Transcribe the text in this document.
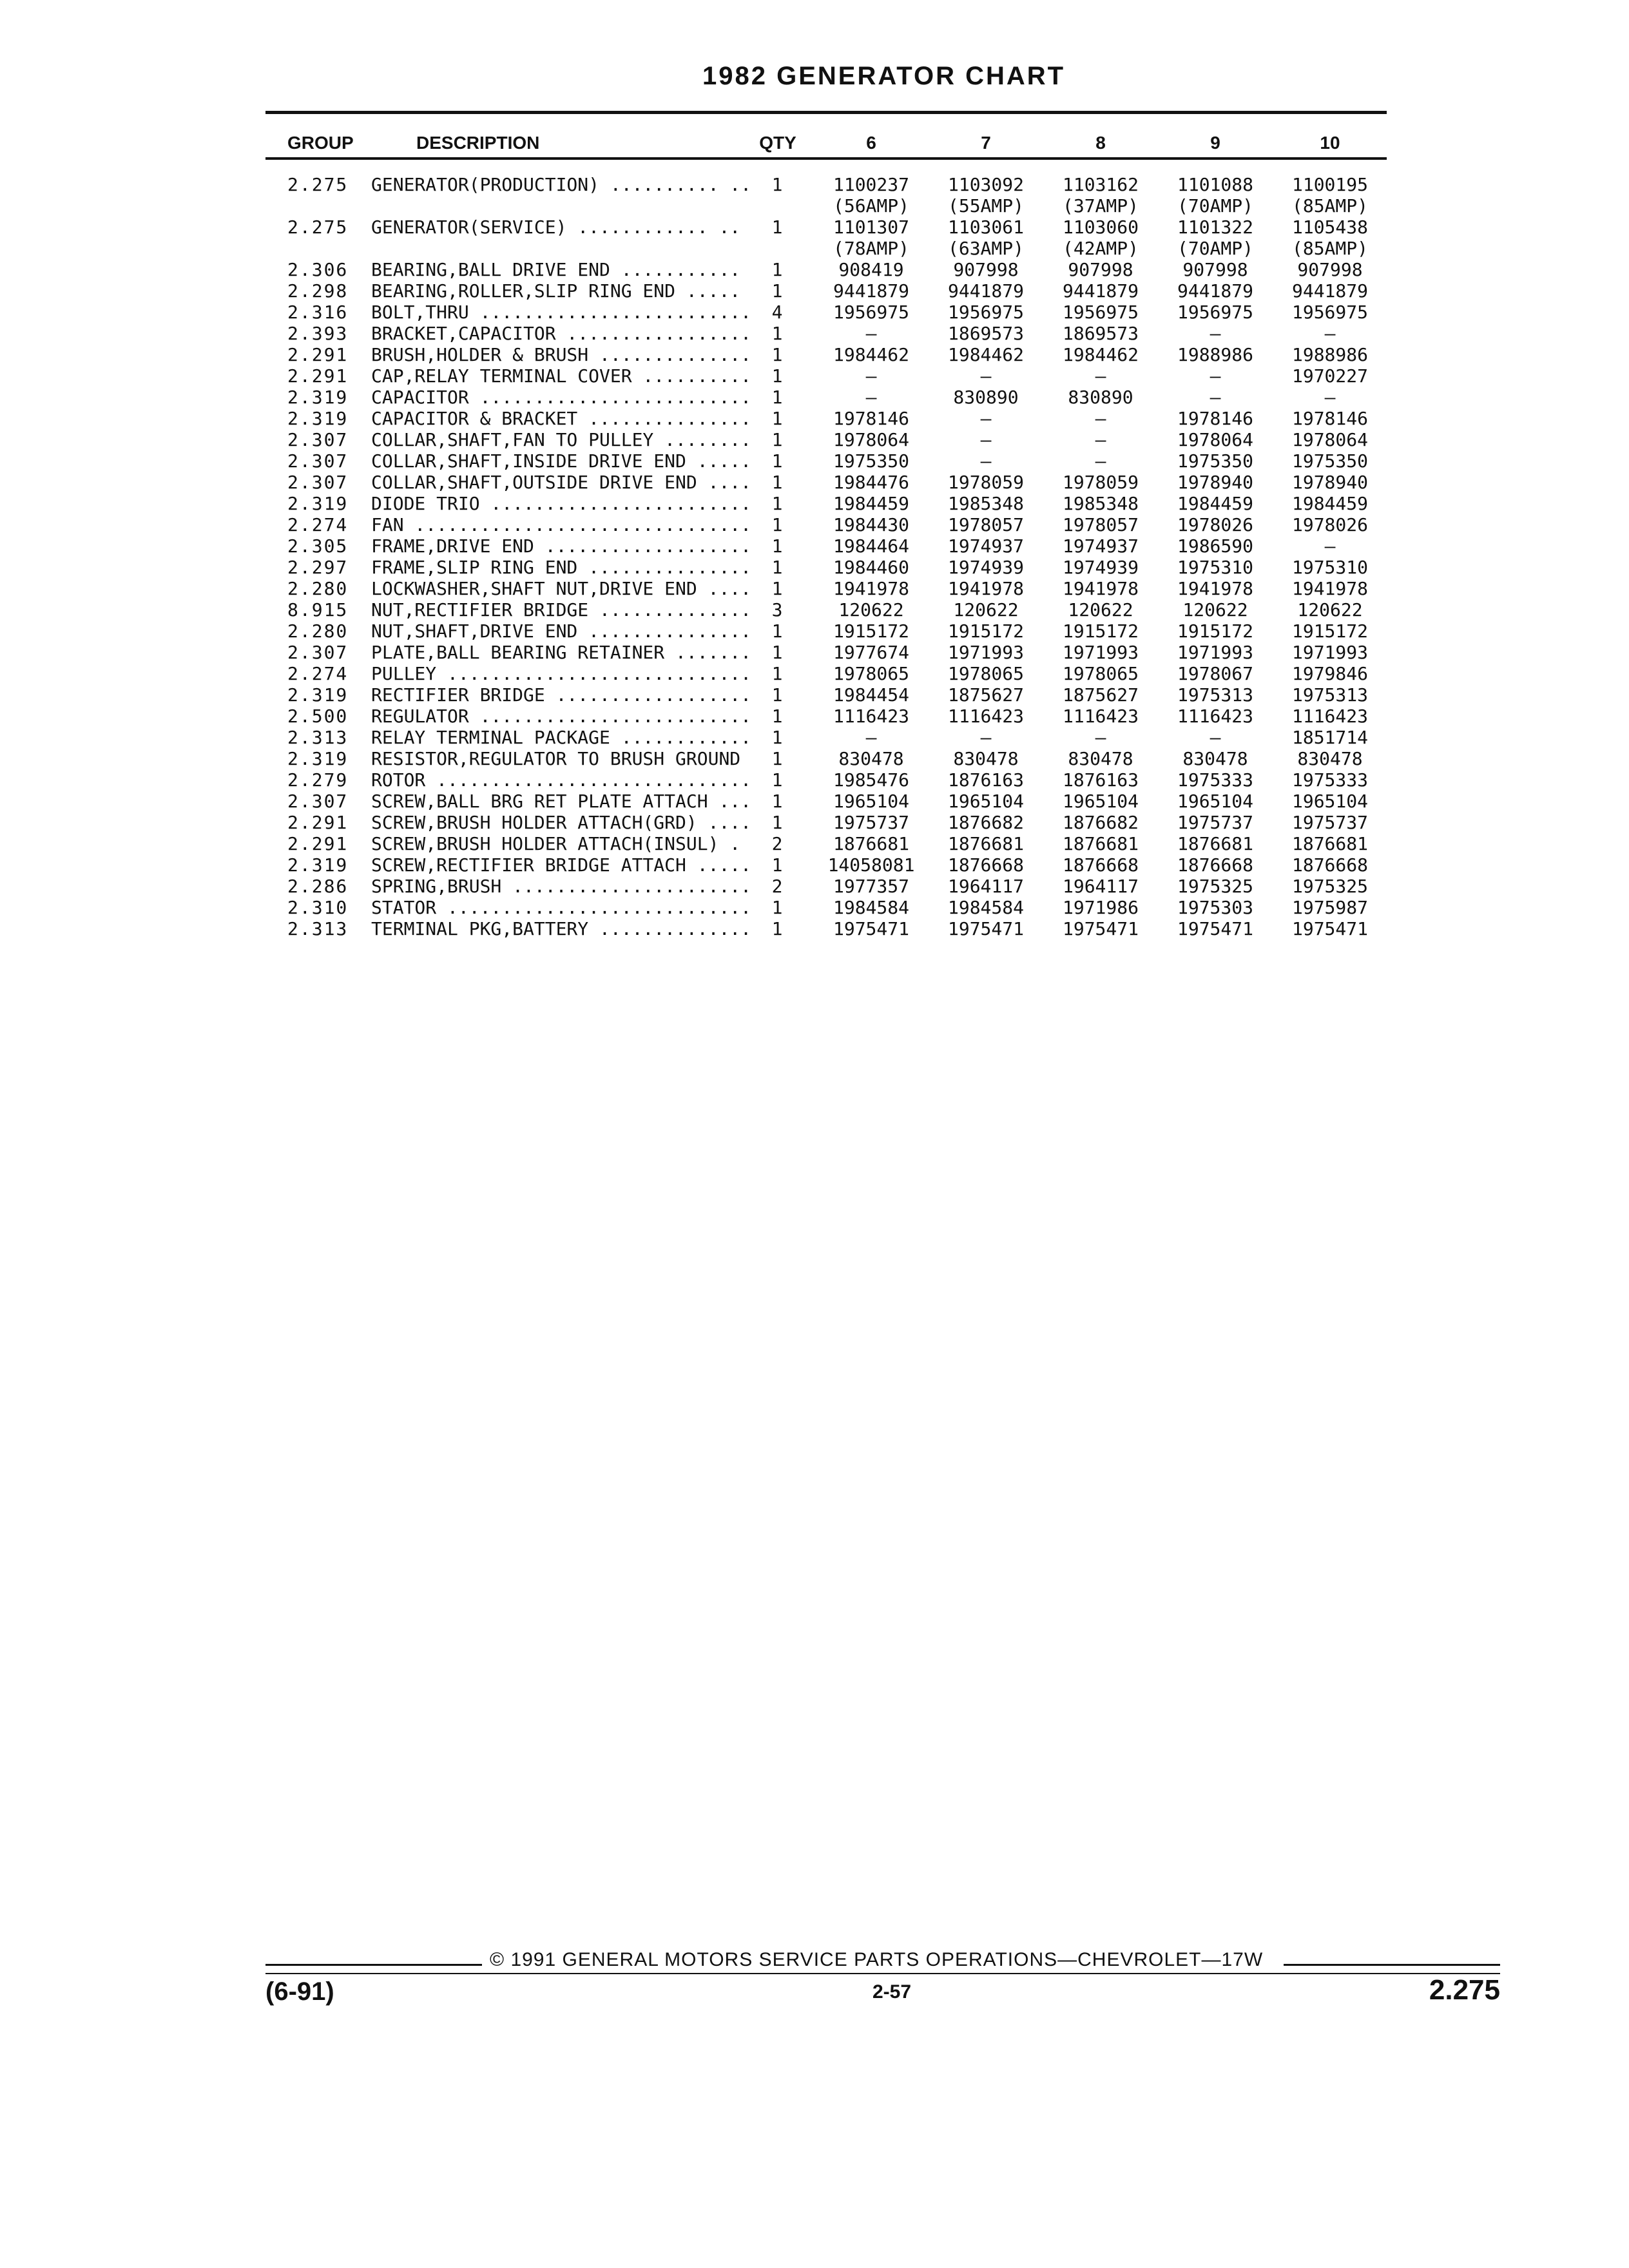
1982 GENERATOR CHART
GROUP	DESCRIPTION	QTY	6	7	8	9	10
2.275	GENERATOR(PRODUCTION) .......... ..	1	1100237	1103092	1103162	1101088	1100195
(56AMP)	(55AMP)	(37AMP)	(70AMP)	(85AMP)
2.275	GENERATOR(SERVICE) ............ ..	1	1101307	1103061	1103060	1101322	1105438
(78AMP)	(63AMP)	(42AMP)	(70AMP)	(85AMP)
2.306	BEARING,BALL DRIVE END ...........	1	908419	907998	907998	907998	907998
2.298	BEARING,ROLLER,SLIP RING END .....	1	9441879	9441879	9441879	9441879	9441879
2.316	BOLT,THRU .........................	4	1956975	1956975	1956975	1956975	1956975
2.393	BRACKET,CAPACITOR .................	1	—	1869573	1869573	—	—
2.291	BRUSH,HOLDER & BRUSH ..............	1	1984462	1984462	1984462	1988986	1988986
2.291	CAP,RELAY TERMINAL COVER ..........	1	—	—	—	—	1970227
2.319	CAPACITOR .........................	1	—	830890	830890	—	—
2.319	CAPACITOR & BRACKET ...............	1	1978146	—	—	1978146	1978146
2.307	COLLAR,SHAFT,FAN TO PULLEY ........	1	1978064	—	—	1978064	1978064
2.307	COLLAR,SHAFT,INSIDE DRIVE END .....	1	1975350	—	—	1975350	1975350
2.307	COLLAR,SHAFT,OUTSIDE DRIVE END ....	1	1984476	1978059	1978059	1978940	1978940
2.319	DIODE TRIO ........................	1	1984459	1985348	1985348	1984459	1984459
2.274	FAN ...............................	1	1984430	1978057	1978057	1978026	1978026
2.305	FRAME,DRIVE END ...................	1	1984464	1974937	1974937	1986590	—
2.297	FRAME,SLIP RING END ...............	1	1984460	1974939	1974939	1975310	1975310
2.280	LOCKWASHER,SHAFT NUT,DRIVE END ....	1	1941978	1941978	1941978	1941978	1941978
8.915	NUT,RECTIFIER BRIDGE ..............	3	120622	120622	120622	120622	120622
2.280	NUT,SHAFT,DRIVE END ...............	1	1915172	1915172	1915172	1915172	1915172
2.307	PLATE,BALL BEARING RETAINER .......	1	1977674	1971993	1971993	1971993	1971993
2.274	PULLEY ............................	1	1978065	1978065	1978065	1978067	1979846
2.319	RECTIFIER BRIDGE ..................	1	1984454	1875627	1875627	1975313	1975313
2.500	REGULATOR .........................	1	1116423	1116423	1116423	1116423	1116423
2.313	RELAY TERMINAL PACKAGE ............	1	—	—	—	—	1851714
2.319	RESISTOR,REGULATOR TO BRUSH GROUND	1	830478	830478	830478	830478	830478
2.279	ROTOR .............................	1	1985476	1876163	1876163	1975333	1975333
2.307	SCREW,BALL BRG RET PLATE ATTACH ...	1	1965104	1965104	1965104	1965104	1965104
2.291	SCREW,BRUSH HOLDER ATTACH(GRD) ....	1	1975737	1876682	1876682	1975737	1975737
2.291	SCREW,BRUSH HOLDER ATTACH(INSUL) .	2	1876681	1876681	1876681	1876681	1876681
2.319	SCREW,RECTIFIER BRIDGE ATTACH .....	1	14058081	1876668	1876668	1876668	1876668
2.286	SPRING,BRUSH ......................	2	1977357	1964117	1964117	1975325	1975325
2.310	STATOR ............................	1	1984584	1984584	1971986	1975303	1975987
2.313	TERMINAL PKG,BATTERY ..............	1	1975471	1975471	1975471	1975471	1975471
© 1991 GENERAL MOTORS SERVICE PARTS OPERATIONS—CHEVROLET—17W
(6-91)	2-57	2.275
